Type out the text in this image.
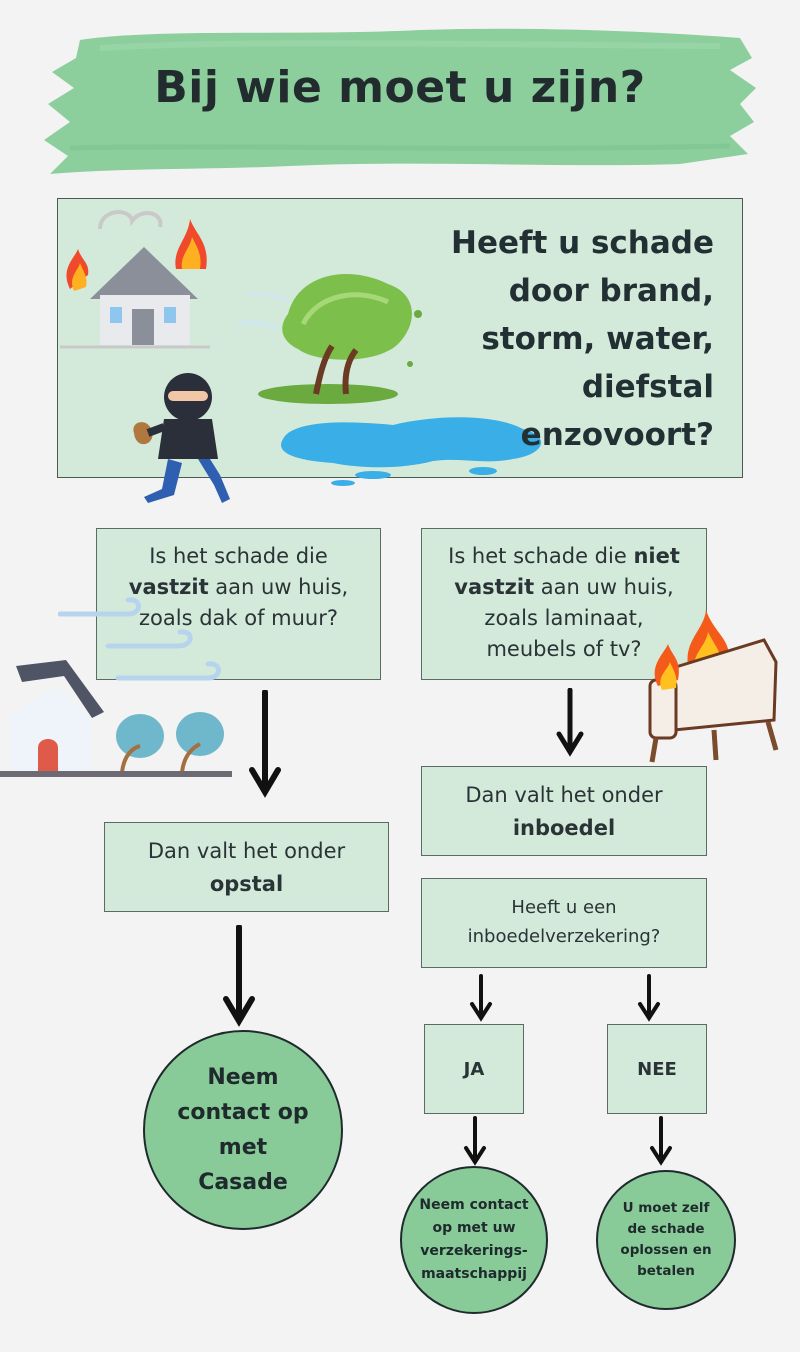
Bij wie moet u zijn?
Heeft u schade
door brand,
storm, water,
diefstal
enzovoort?
Is het schade die
vastzit aan uw huis,
zoals dak of muur?
Is het schade die niet
vastzit aan uw huis,
zoals laminaat,
meubels of tv?
Dan valt het onder
opstal
Dan valt het onder
inboedel
Heeft u een
inboedelverzekering?
JA	NEE
Neem
contact op
met
Casade
Neem contact
op met uw
verzekerings-
maatschappij
U moet zelf
de schade
oplossen en
betalen
